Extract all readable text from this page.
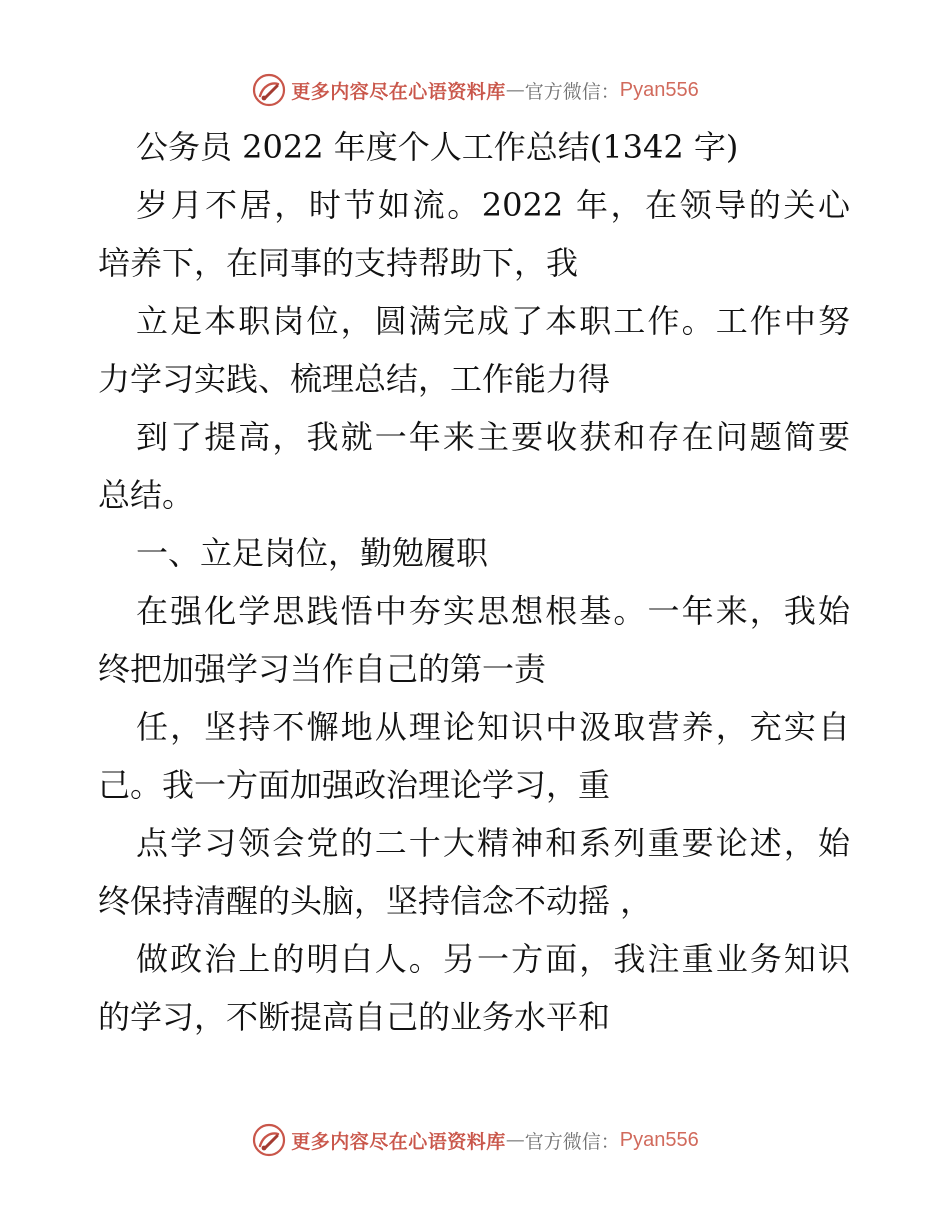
更多内容尽在心语资料库 — 官方微信： Pyan556
公务员 2022 年度个人工作总结(1342 字)
岁月不居，时节如流。2022 年，在领导的关心
培养下，在同事的支持帮助下，我
立足本职岗位，圆满完成了本职工作。工作中努
力学习实践、梳理总结，工作能力得
到了提高，我就一年来主要收获和存在问题简要
总结。
一、立足岗位，勤勉履职
在强化学思践悟中夯实思想根基。一年来，我始
终把加强学习当作自己的第一责
任，坚持不懈地从理论知识中汲取营养，充实自
己。我一方面加强政治理论学习，重
点学习领会党的二十大精神和系列重要论述，始
终保持清醒的头脑，坚持信念不动摇 ，
做政治上的明白人。另一方面，我注重业务知识
的学习，不断提高自己的业务水平和
更多内容尽在心语资料库 — 官方微信： Pyan556
